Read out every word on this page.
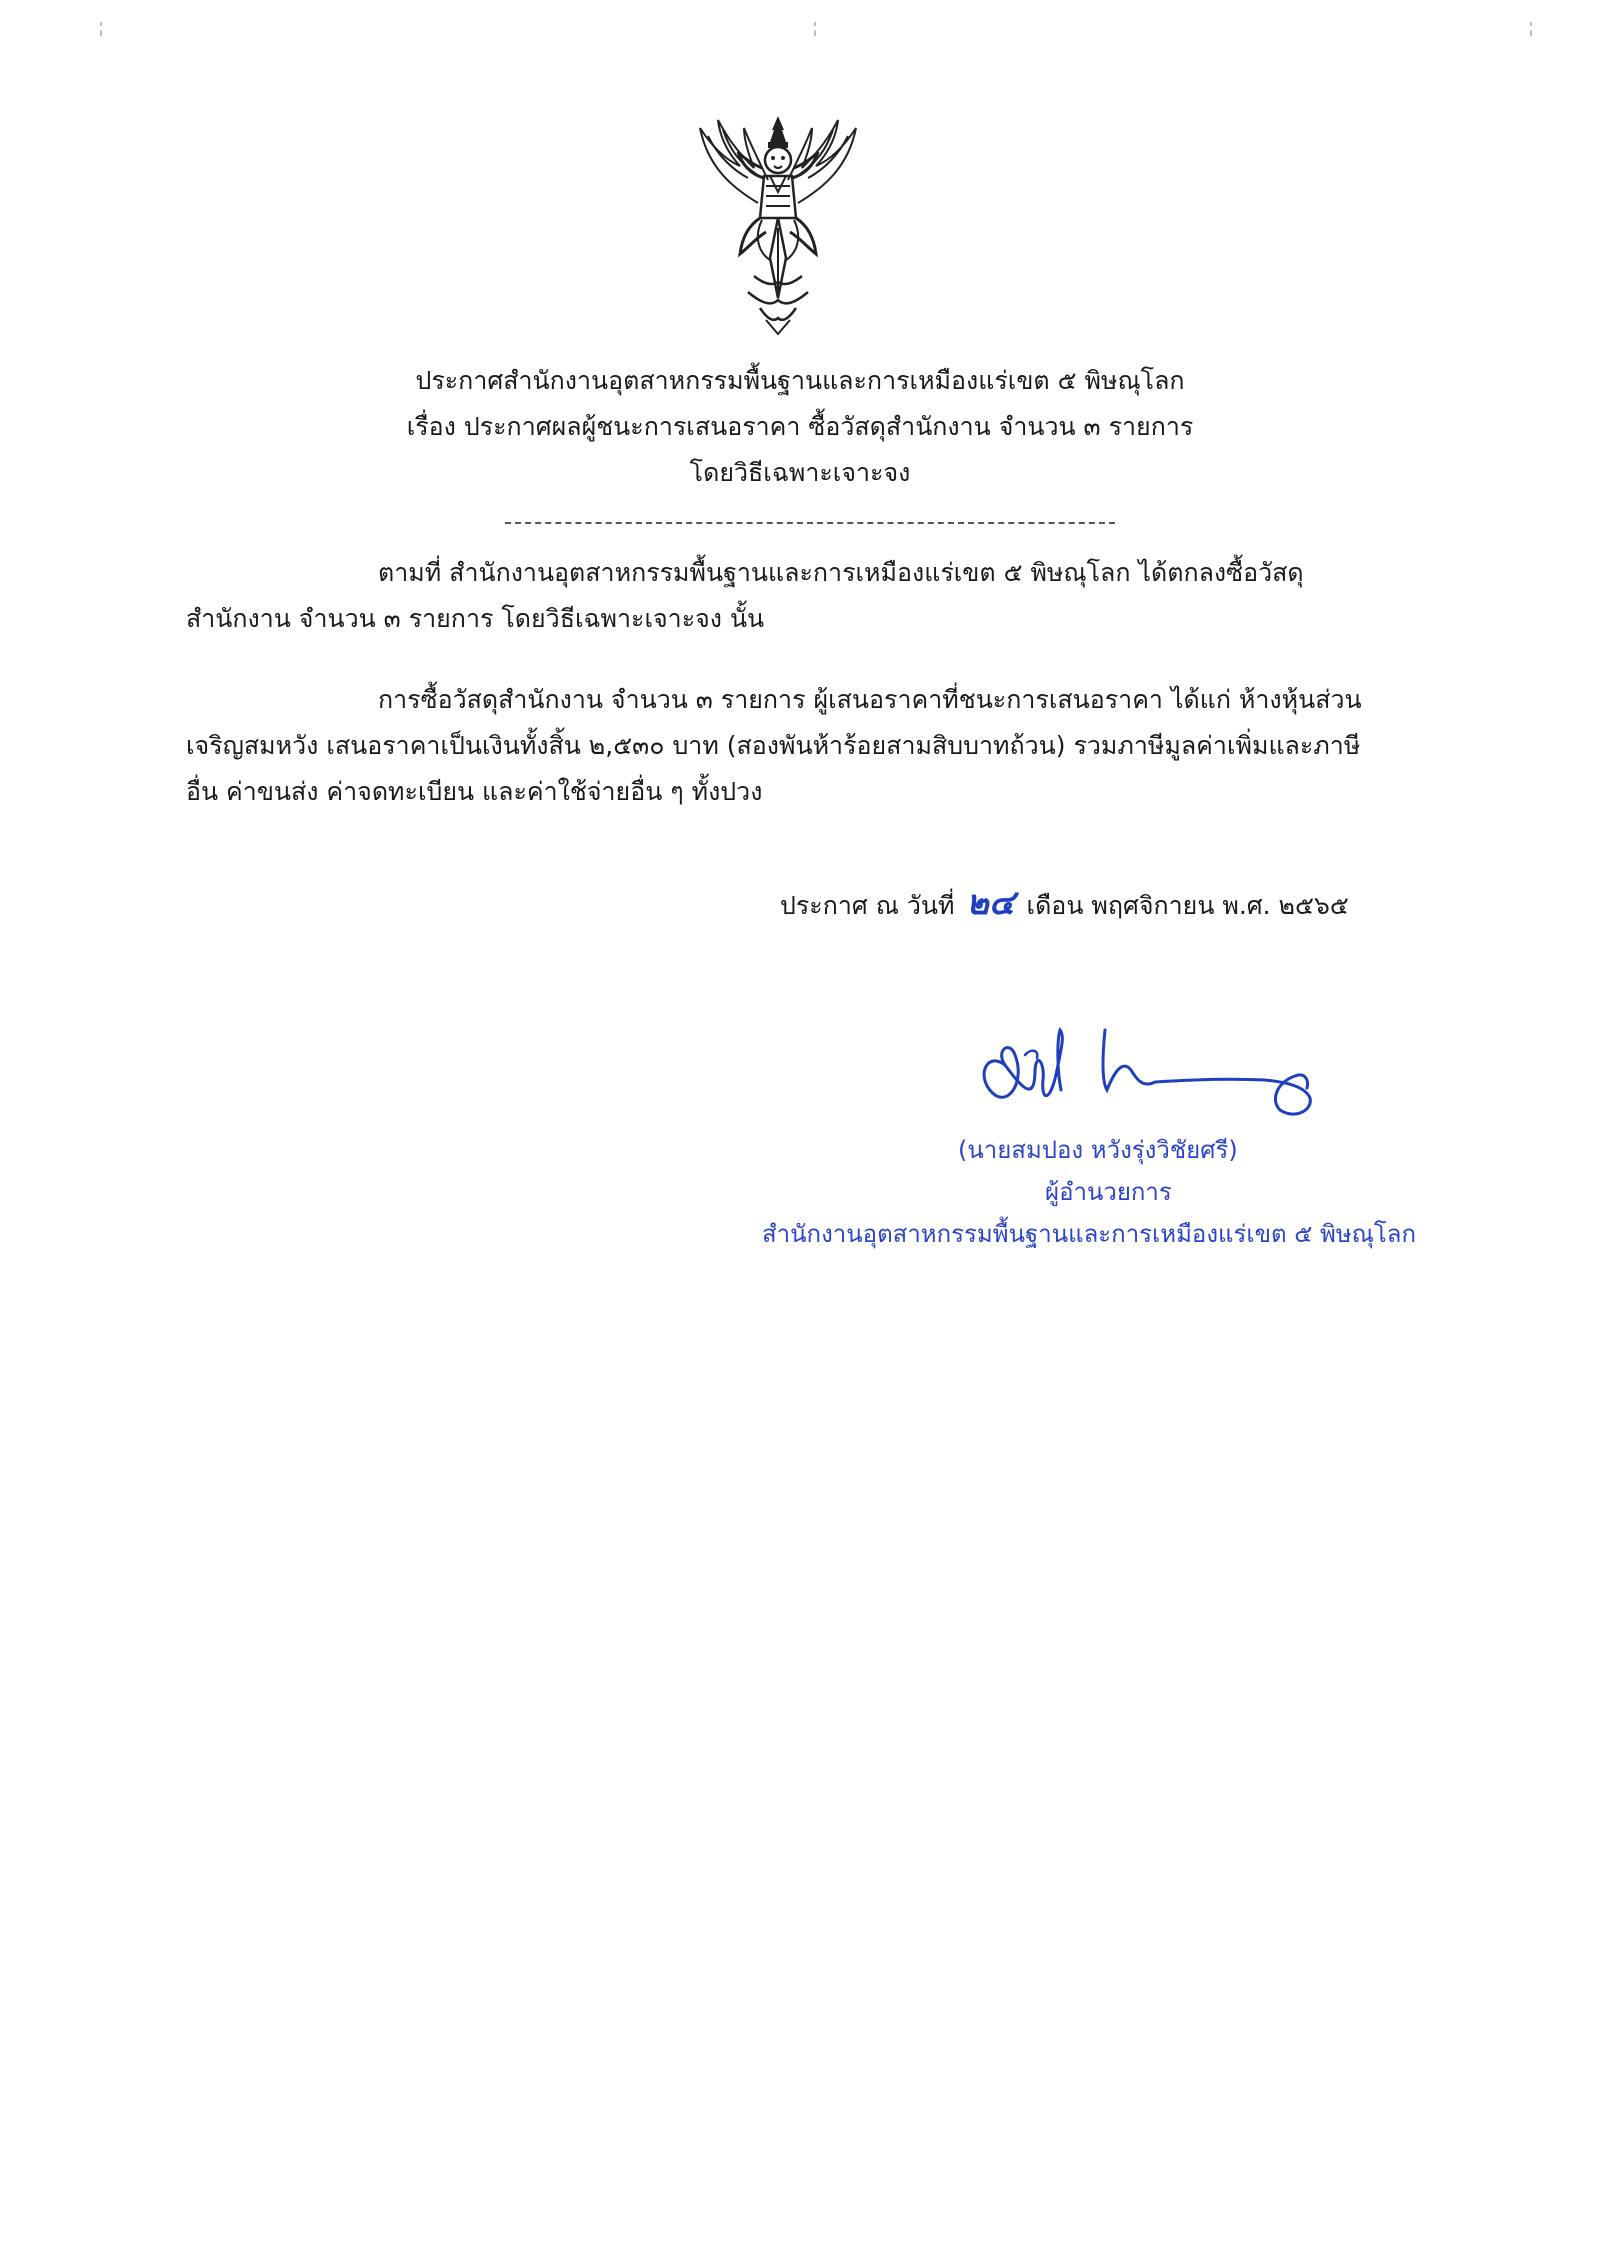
ประกาศสำนักงานอุตสาหกรรมพื้นฐานและการเหมืองแร่เขต ๕ พิษณุโลก
เรื่อง ประกาศผลผู้ชนะการเสนอราคา ซื้อวัสดุสำนักงาน จำนวน ๓ รายการ
โดยวิธีเฉพาะเจาะจง
ตามที่ สำนักงานอุตสาหกรรมพื้นฐานและการเหมืองแร่เขต ๕ พิษณุโลก ได้ตกลงซื้อวัสดุ
สำนักงาน จำนวน ๓ รายการ โดยวิธีเฉพาะเจาะจง นั้น
การซื้อวัสดุสำนักงาน จำนวน ๓ รายการ ผู้เสนอราคาที่ชนะการเสนอราคา ได้แก่ ห้างหุ้นส่วน
เจริญสมหวัง เสนอราคาเป็นเงินทั้งสิ้น ๒,๕๓๐ บาท (สองพันห้าร้อยสามสิบบาทถ้วน) รวมภาษีมูลค่าเพิ่มและภาษี
อื่น ค่าขนส่ง ค่าจดทะเบียน และค่าใช้จ่ายอื่น ๆ ทั้งปวง
ประกาศ ณ วันที่ ๒๔ เดือน พฤศจิกายน พ.ศ. ๒๕๖๕
(นายสมปอง หวังรุ่งวิชัยศรี)
ผู้อำนวยการ
สำนักงานอุตสาหกรรมพื้นฐานและการเหมืองแร่เขต ๕ พิษณุโลก
